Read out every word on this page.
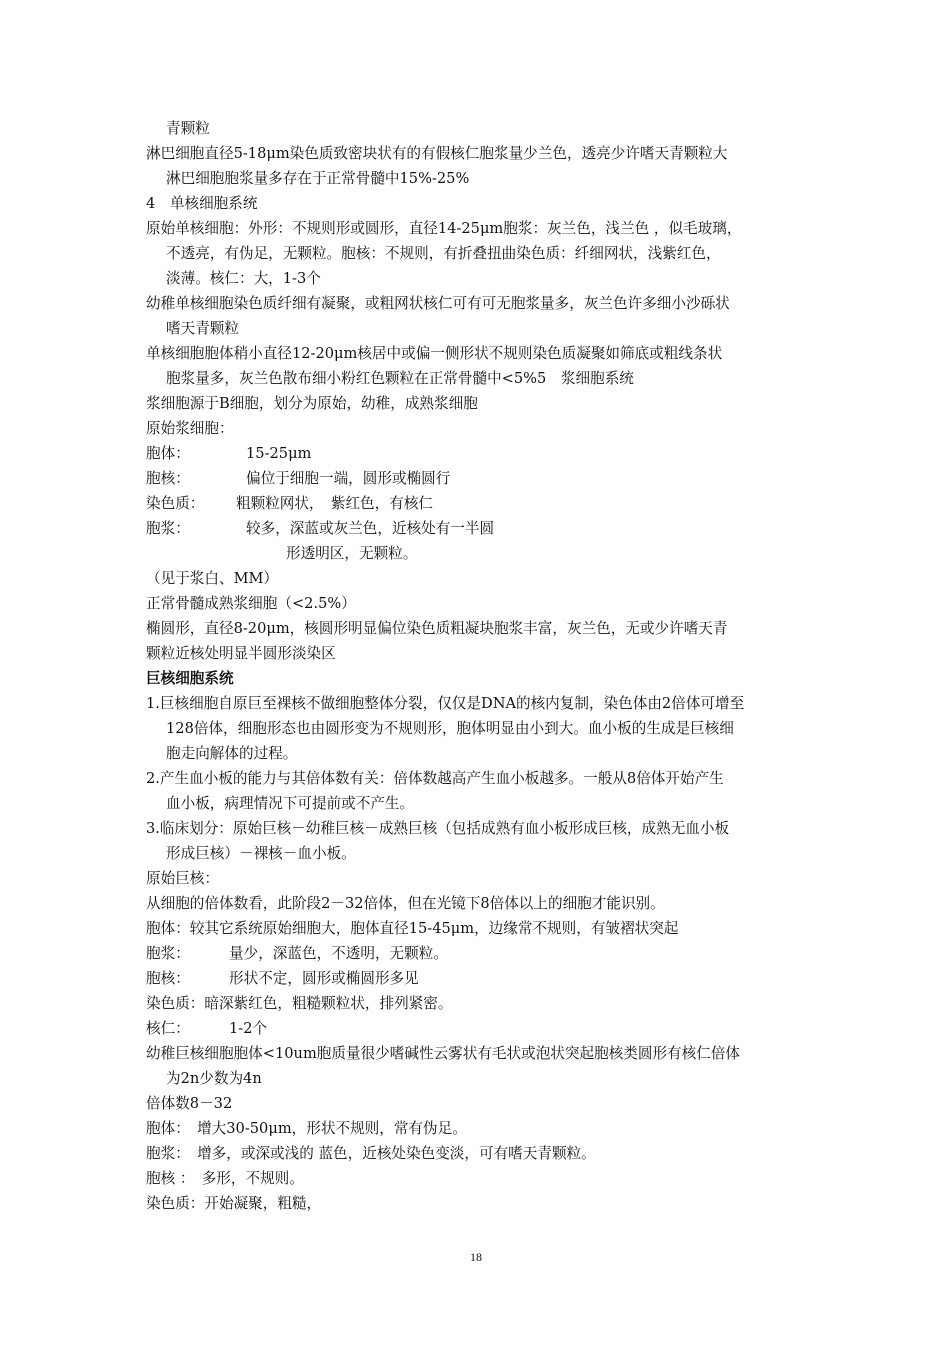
青颗粒
淋巴细胞直径5-18μm染色质致密块状有的有假核仁胞浆量少兰色，透亮少许嗜天青颗粒大
淋巴细胞胞浆量多存在于正常骨髓中15%-25%
4　单核细胞系统
原始单核细胞：外形：不规则形或圆形，直径14-25μm胞浆：灰兰色，浅兰色 ，似毛玻璃，
不透亮，有伪足，无颗粒。胞核：不规则，有折叠扭曲染色质：纤细网状，浅紫红色，
淡薄。核仁：大，1-3个
幼稚单核细胞染色质纤细有凝聚，或粗网状核仁可有可无胞浆量多，灰兰色许多细小沙砾状
嗜天青颗粒
单核细胞胞体稍小直径12-20μm核居中或偏一侧形状不规则染色质凝聚如筛底或粗线条状
胞浆量多，灰兰色散布细小粉红色颗粒在正常骨髓中<5%5　浆细胞系统
浆细胞源于B细胞，划分为原始，幼稚，成熟浆细胞
原始浆细胞：
胞体：	15-25μm
胞核：	偏位于细胞一端，圆形或椭圆行
染色质：	粗颗粒网状，　紫红色，有核仁
胞浆：	较多，深蓝或灰兰色，近核处有一半圆
形透明区，无颗粒。
（见于浆白、MM）
正常骨髓成熟浆细胞（<2.5%）
椭圆形，直径8-20μm，核圆形明显偏位染色质粗凝块胞浆丰富，灰兰色，无或少许嗜天青
颗粒近核处明显半圆形淡染区
巨核细胞系统
1.巨核细胞自原巨至裸核不做细胞整体分裂，仅仅是DNA的核内复制，染色体由2倍体可增至
128倍体，细胞形态也由圆形变为不规则形，胞体明显由小到大。血小板的生成是巨核细
胞走向解体的过程。
2.产生血小板的能力与其倍体数有关：倍体数越高产生血小板越多。一般从8倍体开始产生
血小板，病理情况下可提前或不产生。
3.临床划分：原始巨核－幼稚巨核－成熟巨核（包括成熟有血小板形成巨核，成熟无血小板
形成巨核）－裸核－血小板。
原始巨核：
从细胞的倍体数看，此阶段2－32倍体，但在光镜下8倍体以上的细胞才能识别。
胞体：较其它系统原始细胞大，胞体直径15-45μm，边缘常不规则，有皱褶状突起
胞浆：	量少，深蓝色，不透明，无颗粒。
胞核：	形状不定，圆形或椭圆形多见
染色质：暗深紫红色，粗糙颗粒状，排列紧密。
核仁：	1-2个
幼稚巨核细胞胞体<10um胞质量很少嗜碱性云雾状有毛状或泡状突起胞核类圆形有核仁倍体
为2n少数为4n
倍体数8－32
胞体：　增大30-50μm，形状不规则，常有伪足。
胞浆：　增多，或深或浅的 蓝色，近核处染色变淡，可有嗜天青颗粒。
胞核 ：　多形，不规则。
染色质：开始凝聚，粗糙，
18
